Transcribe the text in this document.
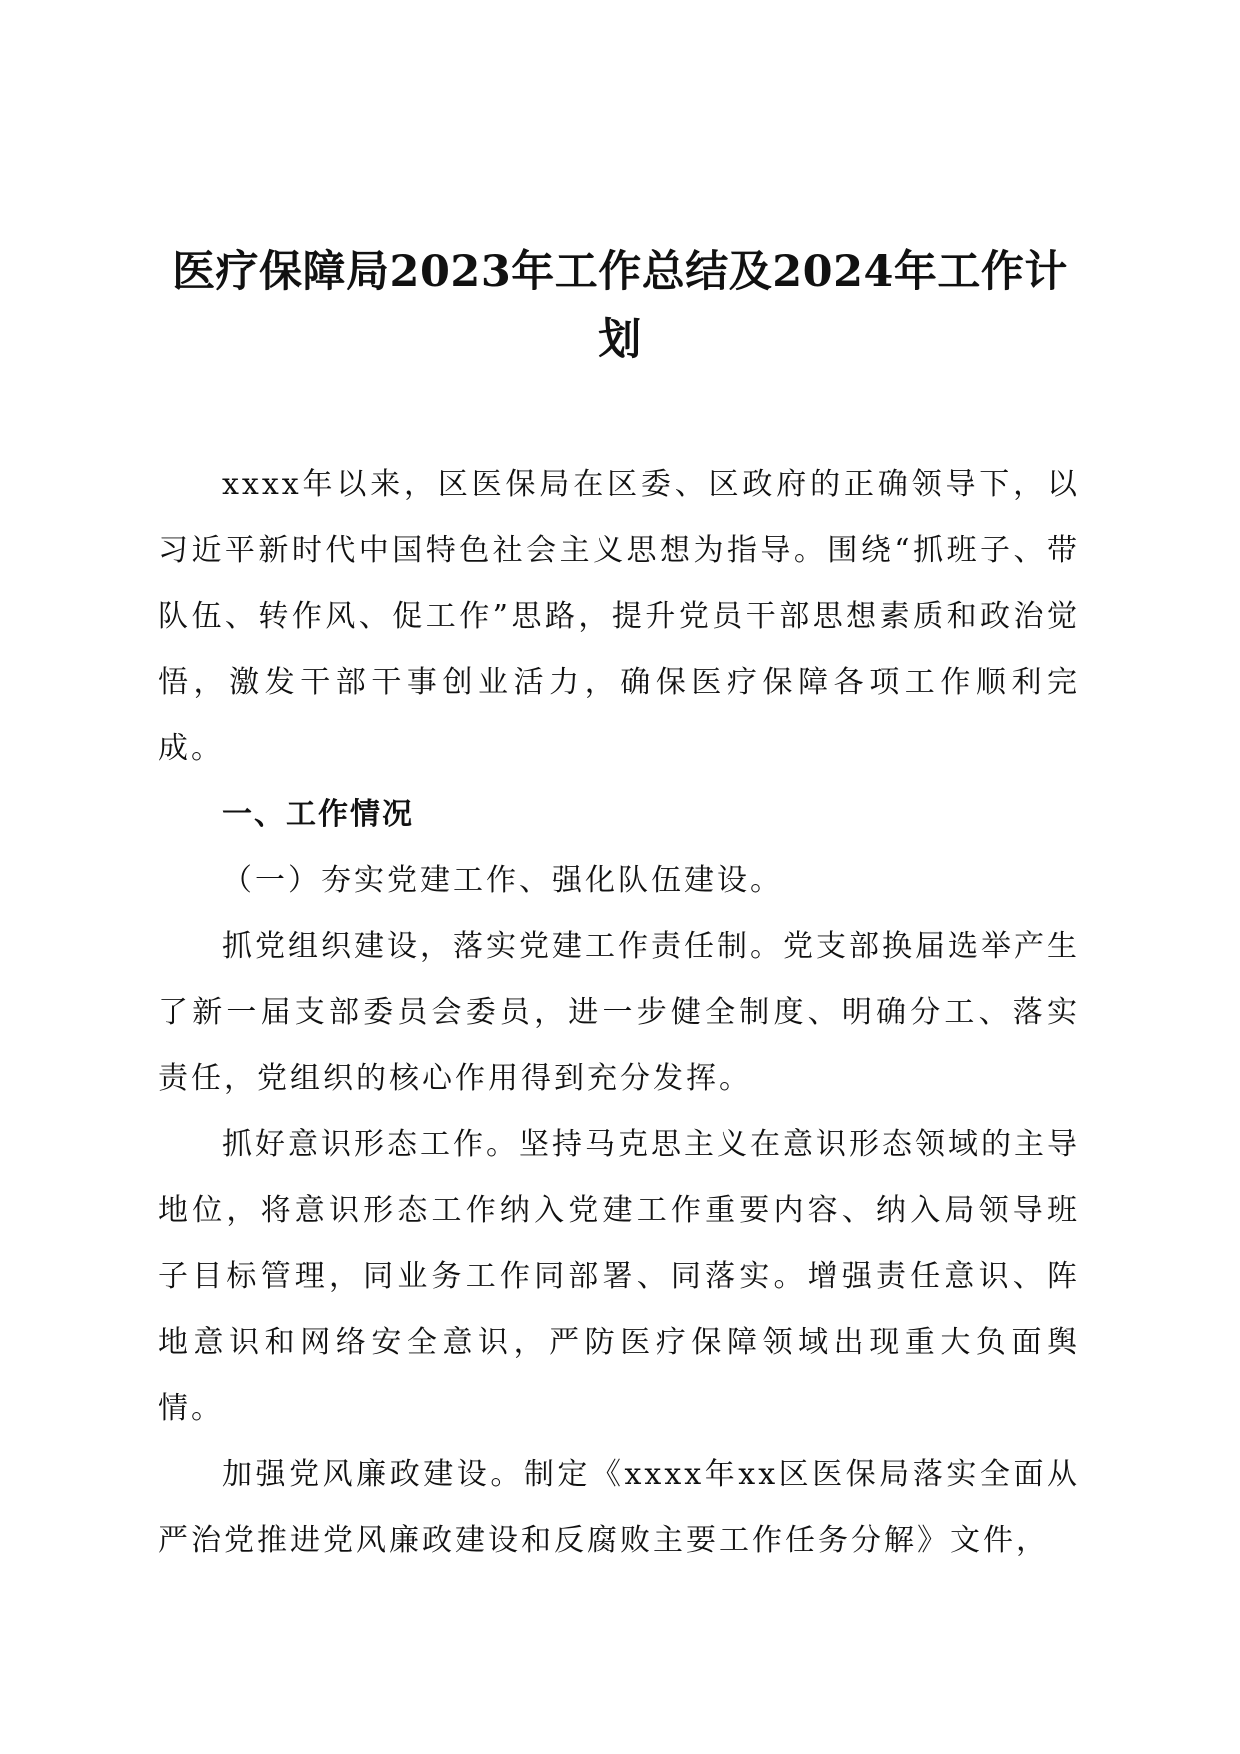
医疗保障局2023年工作总结及2024年工作计划

xxxx年以来，区医保局在区委、区政府的正确领导下，以习近平新时代中国特色社会主义思想为指导。围绕“抓班子、带队伍、转作风、促工作”思路，提升党员干部思想素质和政治觉悟，激发干部干事创业活力，确保医疗保障各项工作顺利完成。

一、工作情况

（一）夯实党建工作、强化队伍建设。

抓党组织建设，落实党建工作责任制。党支部换届选举产生了新一届支部委员会委员，进一步健全制度、明确分工、落实责任，党组织的核心作用得到充分发挥。

抓好意识形态工作。坚持马克思主义在意识形态领域的主导地位，将意识形态工作纳入党建工作重要内容、纳入局领导班子目标管理，同业务工作同部署、同落实。增强责任意识、阵地意识和网络安全意识，严防医疗保障领域出现重大负面舆情。

加强党风廉政建设。制定《xxxx年xx区医保局落实全面从严治党推进党风廉政建设和反腐败主要工作任务分解》文件，
